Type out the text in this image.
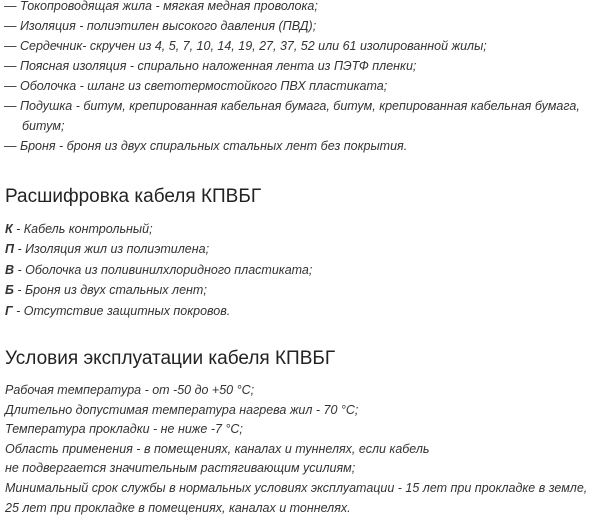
— Токопроводящая жила - мягкая медная проволока;

— Изоляция - полиэтилен высокого давления (ПВД);

— Сердечник- скручен из 4, 5, 7, 10, 14, 19, 27, 37, 52 или 61 изолированной жилы;

— Поясная изоляция - спирально наложенная лента из ПЭТФ пленки;

— Оболочка - шланг из светотермостойкого ПВХ пластиката;

— Подушка - битум, крепированная кабельная бумага, битум, крепированная кабельная бумага, битум;

— Броня - броня из двух спиральных стальных лент без покрытия.

Расшифровка кабеля КПВБГ

К - Кабель контрольный;

П - Изоляция жил из полиэтилена;

В - Оболочка из поливинилхлоридного пластиката;

Б - Броня из двух стальных лент;

Г - Отсутствие защитных покровов.

Условия эксплуатации кабеля КПВБГ

Рабочая температура - от -50 до +50 °С;

Длительно допустимая температура нагрева жил - 70 °С;

Температура прокладки - не ниже -7 °С;

Область применения - в помещениях, каналах и туннелях, если кабель

не подвергается значительным растягивающим усилиям;

Минимальный срок службы в нормальных условиях эксплуатации - 15 лет при прокладке в земле,

25 лет при прокладке в помещениях, каналах и тоннелях.
